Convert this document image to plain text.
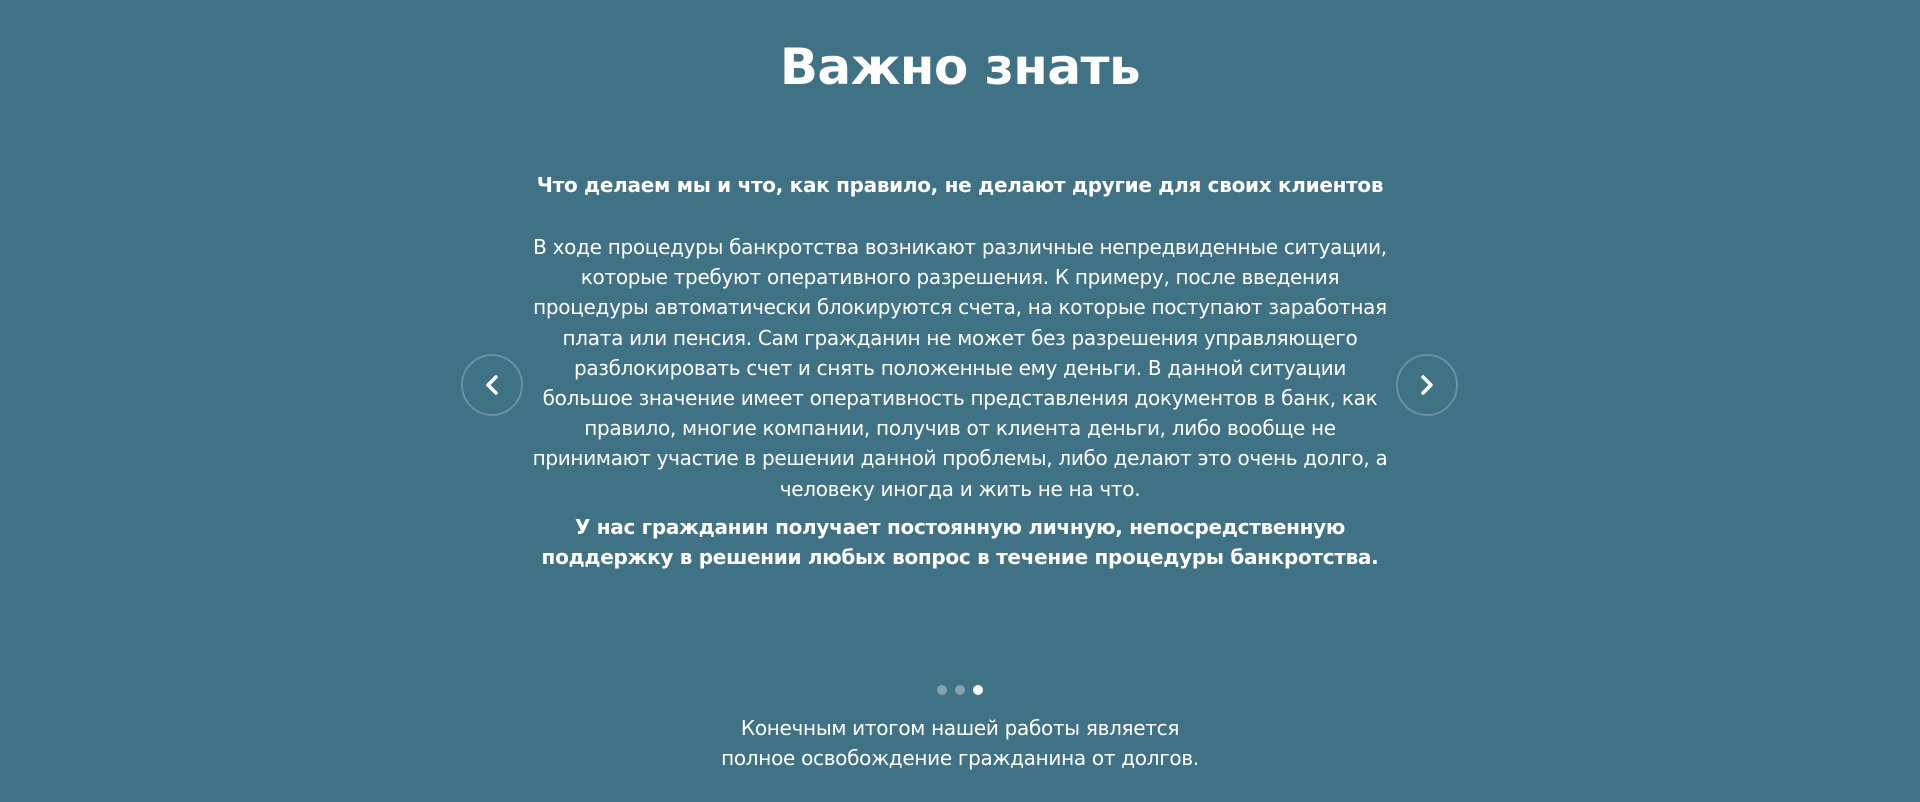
Важно знать

Что делаем мы и что, как правило, не делают другие для своих клиентов

В ходе процедуры банкротства возникают различные непредвиденные ситуации, которые требуют оперативного разрешения. К примеру, после введения процедуры автоматически блокируются счета, на которые поступают заработная плата или пенсия. Сам гражданин не может без разрешения управляющего разблокировать счет и снять положенные ему деньги. В данной ситуации большое значение имеет оперативность представления документов в банк, как правило, многие компании, получив от клиента деньги, либо вообще не принимают участие в решении данной проблемы, либо делают это очень долго, а человеку иногда и жить не на что.

У нас гражданин получает постоянную личную, непосредственную поддержку в решении любых вопрос в течение процедуры банкротства.

Конечным итогом нашей работы является
полное освобождение гражданина от долгов.
